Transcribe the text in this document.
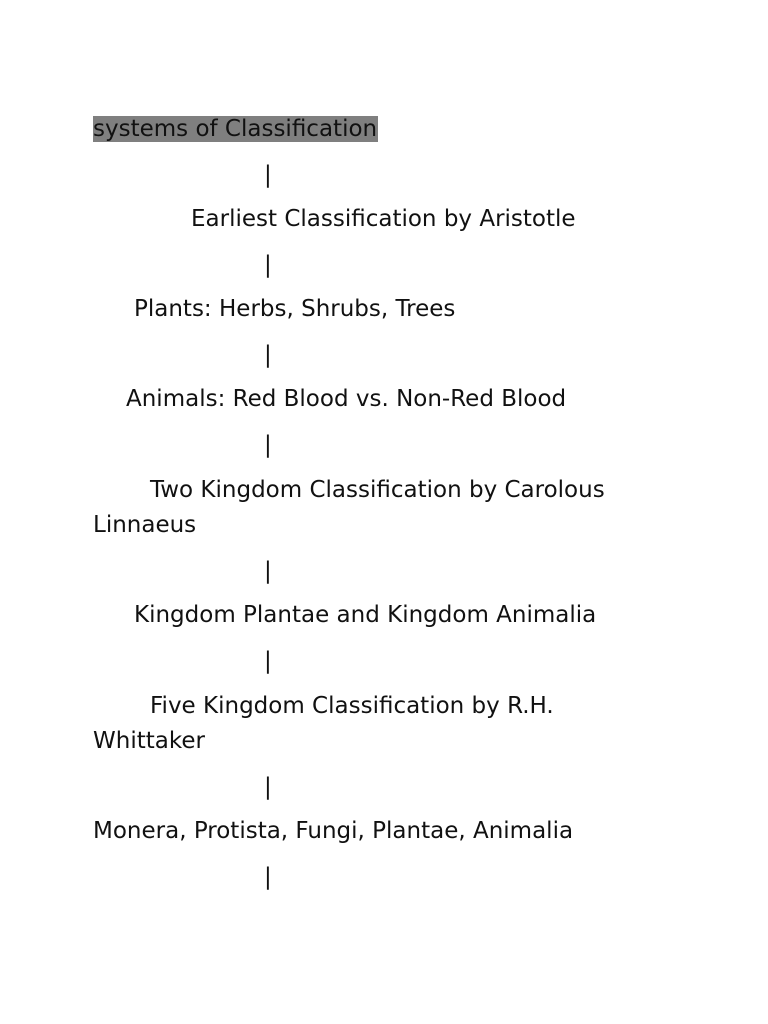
systems of Classification
|
Earliest Classification by Aristotle
|
Plants: Herbs, Shrubs, Trees
|
Animals: Red Blood vs. Non-Red Blood
|
Two Kingdom Classification by Carolous
Linnaeus
|
Kingdom Plantae and Kingdom Animalia
|
Five Kingdom Classification by R.H.
Whittaker
|
Monera, Protista, Fungi, Plantae, Animalia
|
